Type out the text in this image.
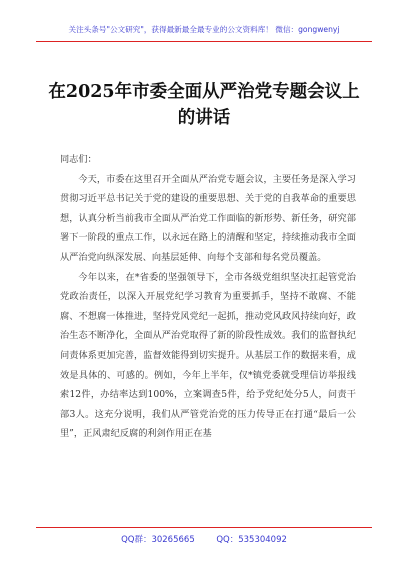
关注头条号"公文研究"，获得最新最全最专业的公文资料库！ 微信：gongwenyj
在2025年市委全面从严治党专题会议上的讲话

同志们：

今天，市委在这里召开全面从严治党专题会议，主要任务是深入学习贯彻习近平总书记关于党的建设的重要思想、关于党的自我革命的重要思想，认真分析当前我市全面从严治党工作面临的新形势、新任务，研究部署下一阶段的重点工作，以永远在路上的清醒和坚定，持续推动我市全面从严治党向纵深发展、向基层延伸、向每个支部和每名党员覆盖。

今年以来，在*省委的坚强领导下，全市各级党组织坚决扛起管党治党政治责任，以深入开展党纪学习教育为重要抓手，坚持不敢腐、不能腐、不想腐一体推进，坚持党风党纪一起抓，推动党风政风持续向好，政治生态不断净化，全面从严治党取得了新的阶段性成效。我们的监督执纪问责体系更加完善，监督效能得到切实提升。从基层工作的数据来看，成效是具体的、可感的。例如，今年上半年，仅*镇党委就受理信访举报线索12件，办结率达到100%，立案调查5件，给予党纪处分5人，问责干部3人。这充分说明，我们从严管党治党的压力传导正在打通“最后一公里”，正风肃纪反腐的利剑作用正在基

QQ群：30265665        QQ：535304092
